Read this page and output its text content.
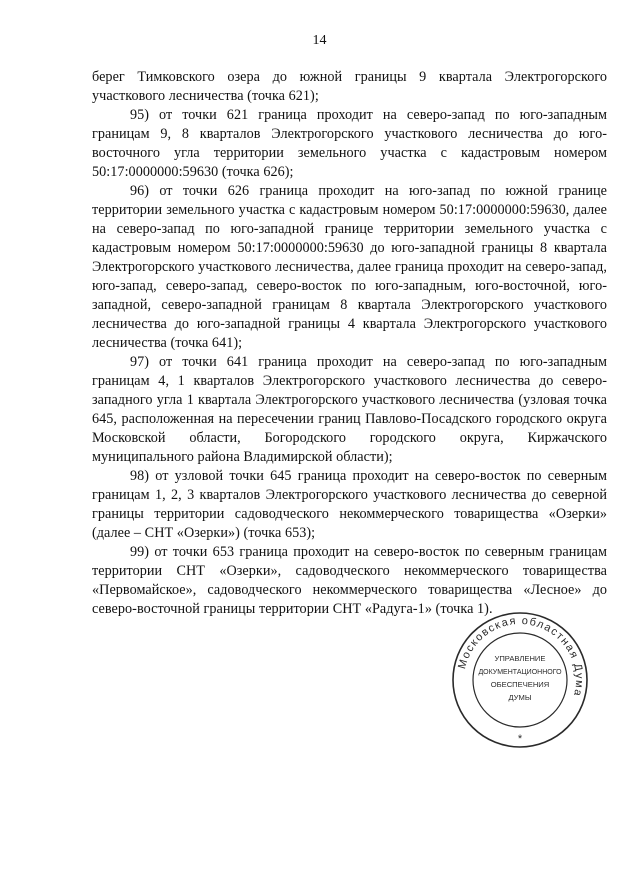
14

берег Тимковского озера до южной границы 9 квартала Электрогорского участкового лесничества (точка 621);

95) от точки 621 граница проходит на северо-запад по юго-западным границам 9, 8 кварталов Электрогорского участкового лесничества до юго-восточного угла территории земельного участка с кадастровым номером 50:17:0000000:59630 (точка 626);

96) от точки 626 граница проходит на юго-запад по южной границе территории земельного участка с кадастровым номером 50:17:0000000:59630, далее на северо-запад по юго-западной границе территории земельного участка с кадастровым номером 50:17:0000000:59630 до юго-западной границы 8 квартала Электрогорского участкового лесничества, далее граница проходит на северо-запад, юго-запад, северо-запад, северо-восток по юго-западным, юго-восточной, юго-западной, северо-западной границам 8 квартала Электрогорского участкового лесничества до юго-западной границы 4 квартала Электрогорского участкового лесничества (точка 641);

97) от точки 641 граница проходит на северо-запад по юго-западным границам 4, 1 кварталов Электрогорского участкового лесничества до северо-западного угла 1 квартала Электрогорского участкового лесничества (узловая точка 645, расположенная на пересечении границ Павлово-Посадского городского округа Московской области, Богородского городского округа, Киржачского муниципального района Владимирской области);

98) от узловой точки 645 граница проходит на северо-восток по северным границам 1, 2, 3 кварталов Электрогорского участкового лесничества до северной границы территории садоводческого некоммерческого товарищества «Озерки» (далее – СНТ «Озерки») (точка 653);

99) от точки 653 граница проходит на северо-восток по северным границам территории СНТ «Озерки», садоводческого некоммерческого товарищества «Первомайское», садоводческого некоммерческого товарищества «Лесное» до северо-восточной границы территории СНТ «Радуга-1» (точка 1).

Московская областная Дума
УПРАВЛЕНИЕ
ДОКУМЕНТАЦИОННОГО
ОБЕСПЕЧЕНИЯ
ДУМЫ
*
